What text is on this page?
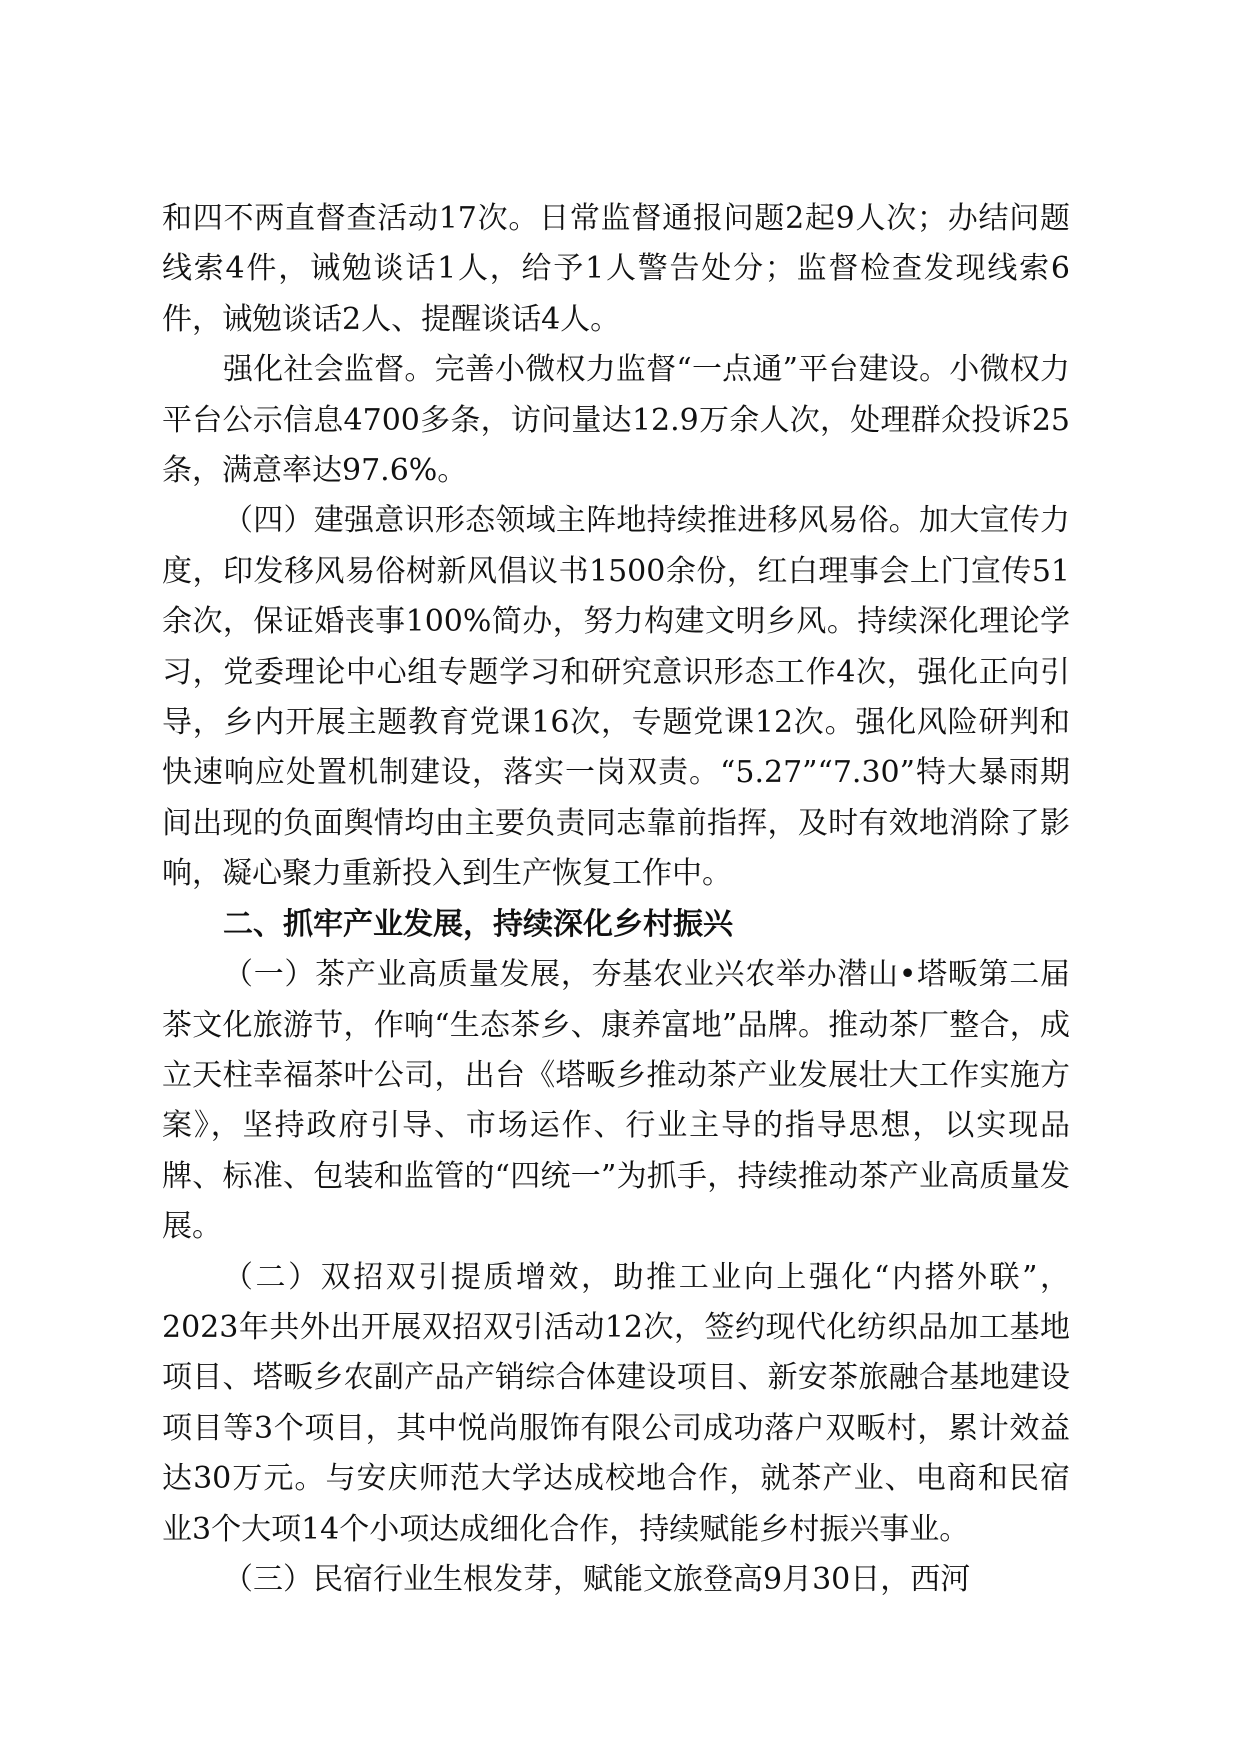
和四不两直督查活动17次。日常监督通报问题2起9人次；办结问题线索4件，诫勉谈话1人，给予1人警告处分；监督检查发现线索6件，诫勉谈话2人、提醒谈话4人。

强化社会监督。完善小微权力监督“一点通”平台建设。小微权力平台公示信息4700多条，访问量达12.9万余人次，处理群众投诉25条，满意率达97.6%。

（四）建强意识形态领域主阵地持续推进移风易俗。加大宣传力度，印发移风易俗树新风倡议书1500余份，红白理事会上门宣传51余次，保证婚丧事100%简办，努力构建文明乡风。持续深化理论学习，党委理论中心组专题学习和研究意识形态工作4次，强化正向引导，乡内开展主题教育党课16次，专题党课12次。强化风险研判和快速响应处置机制建设，落实一岗双责。“5.27”“7.30”特大暴雨期间出现的负面舆情均由主要负责同志靠前指挥，及时有效地消除了影响，凝心聚力重新投入到生产恢复工作中。

二、抓牢产业发展，持续深化乡村振兴

（一）茶产业高质量发展，夯基农业兴农举办潜山•塔畈第二届茶文化旅游节，作响“生态茶乡、康养富地”品牌。推动茶厂整合，成立天柱幸福茶叶公司，出台《塔畈乡推动茶产业发展壮大工作实施方案》，坚持政府引导、市场运作、行业主导的指导思想，以实现品牌、标准、包装和监管的“四统一”为抓手，持续推动茶产业高质量发展。

（二）双招双引提质增效，助推工业向上强化“内搭外联”，2023年共外出开展双招双引活动12次，签约现代化纺织品加工基地项目、塔畈乡农副产品产销综合体建设项目、新安茶旅融合基地建设项目等3个项目，其中悦尚服饰有限公司成功落户双畈村，累计效益达30万元。与安庆师范大学达成校地合作，就茶产业、电商和民宿业3个大项14个小项达成细化合作，持续赋能乡村振兴事业。

（三）民宿行业生根发芽，赋能文旅登高9月30日，西河
